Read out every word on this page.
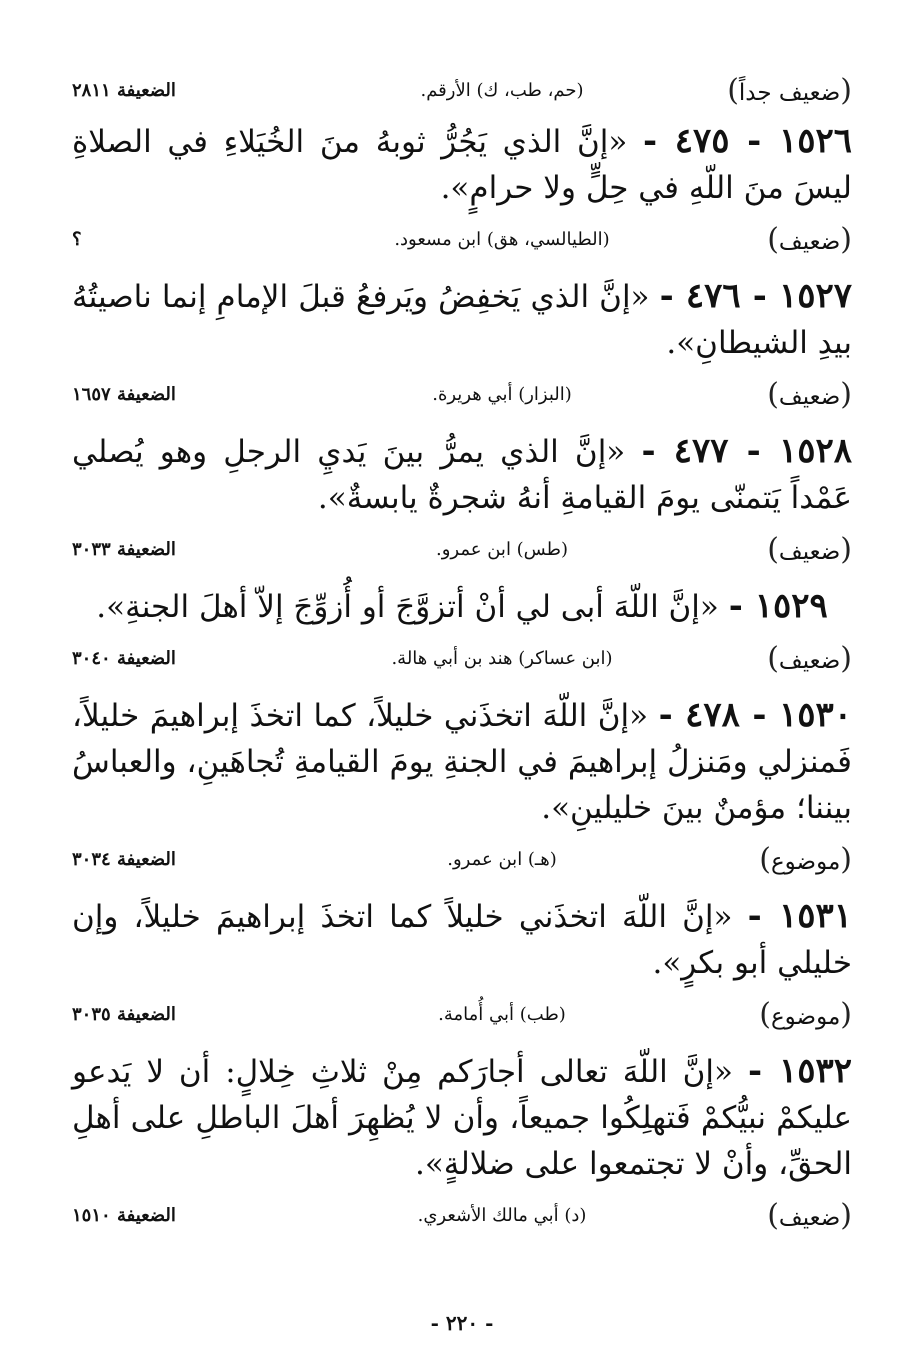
(ضعيف جداً)
(حم، طب، ك) الأرقم.
الضعيفة ٢٨١١

١٥٢٦ - ٤٧٥ - «إنَّ الذي يَجُرُّ ثوبهُ منَ الخُيَلاءِ في الصلاةِ ليسَ منَ اللّهِ في حِلٍّ ولا حرامٍ».

(ضعيف)
(الطيالسي، هق) ابن مسعود.
؟

١٥٢٧ - ٤٧٦ - «إنَّ الذي يَخفِضُ ويَرفعُ قبلَ الإمامِ إنما ناصيتُهُ بيدِ الشيطانِ».

(ضعيف)
(البزار) أبي هريرة.
الضعيفة ١٦٥٧

١٥٢٨ - ٤٧٧ - «إنَّ الذي يمرُّ بينَ يَديِ الرجلِ وهو يُصلي عَمْداً يَتمنّى يومَ القيامةِ أنهُ شجرةٌ يابسةٌ».

(ضعيف)
(طس) ابن عمرو.
الضعيفة ٣٠٣٣

١٥٢٩ - «إنَّ اللّهَ أبى لي أنْ أتزوَّجَ أو أُزوِّجَ إلاّ أهلَ الجنةِ».

(ضعيف)
(ابن عساكر) هند بن أبي هالة.
الضعيفة ٣٠٤٠

١٥٣٠ - ٤٧٨ - «إنَّ اللّهَ اتخذَني خليلاً، كما اتخذَ إبراهيمَ خليلاً، فَمنزلي ومَنزلُ إبراهيمَ في الجنةِ يومَ القيامةِ تُجاهَينِ، والعباسُ بيننا؛ مؤمنٌ بينَ خليلينِ».

(موضوع)
(هـ) ابن عمرو.
الضعيفة ٣٠٣٤

١٥٣١ - «إنَّ اللّهَ اتخذَني خليلاً كما اتخذَ إبراهيمَ خليلاً، وإن خليلي أبو بكرٍ».

(موضوع)
(طب) أبي أُمامة.
الضعيفة ٣٠٣٥

١٥٣٢ - «إنَّ اللّهَ تعالى أجارَكم مِنْ ثلاثِ خِلالٍ: أن لا يَدعو عليكمْ نبيُّكمْ فَتهلِكُوا جميعاً، وأن لا يُظهِرَ أهلَ الباطلِ على أهلِ الحقِّ، وأنْ لا تجتمعوا على ضلالةٍ».

(ضعيف)
(د) أبي مالك الأشعري.
الضعيفة ١٥١٠
- ٢٢٠ -
